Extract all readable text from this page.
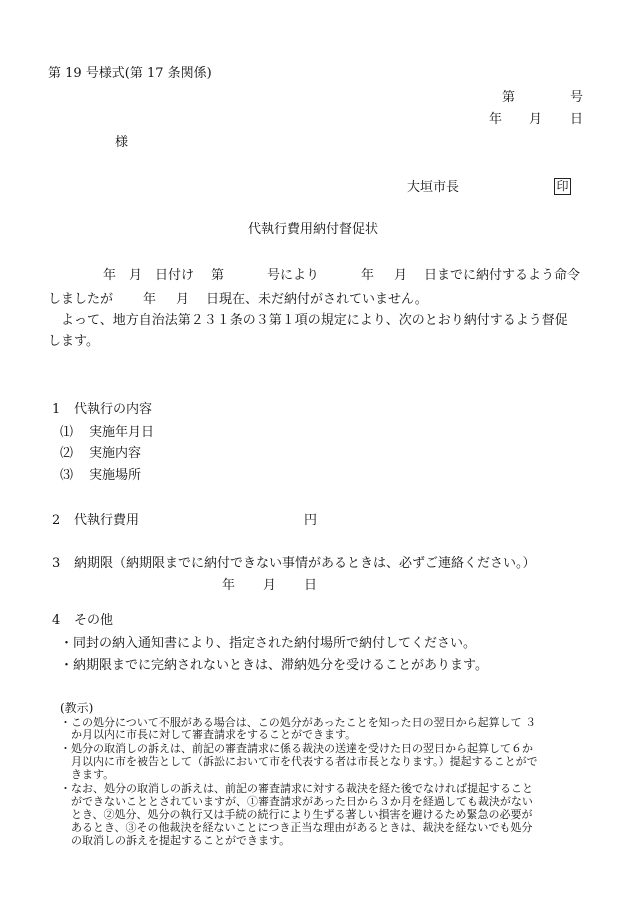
第 19 号様式(第 17 条関係)

第	号
年 月 日
様
大垣市長	印
代執行費用納付督促状
年 月 日付け 第	号により	年 月 日までに納付するよう命令
しましたが 年 月 日現在、未だ納付がされていません。
よって、地方自治法第２３１条の３第１項の規定により、次のとおり納付するよう督促
します。
1 代執行の内容
⑴ 実施年月日
⑵ 実施内容
⑶ 実施場所
2 代執行費用	円
3 納期限（納期限までに納付できない事情があるときは、必ずご連絡ください。）
年 月 日
4 その他
・同封の納入通知書により、指定された納付場所で納付してください。
・納期限までに完納されないときは、滞納処分を受けることがあります。
(教示)
・この処分について不服がある場合は、この処分があったことを知った日の翌日から起算して ３
か月以内に市長に対して審査請求をすることができます。
・処分の取消しの訴えは、前記の審査請求に係る裁決の送達を受けた日の翌日から起算して６か
月以内に市を被告として（訴訟において市を代表する者は市長となります。）提起することがで
きます。
・なお、処分の取消しの訴えは、前記の審査請求に対する裁決を経た後でなければ提起すること
ができないこととされていますが、①審査請求があった日から３か月を経過しても裁決がない
とき、②処分、処分の執行又は手続の続行により生ずる著しい損害を避けるため緊急の必要が
あるとき、③その他裁決を経ないことにつき正当な理由があるときは、裁決を経ないでも処分
の取消しの訴えを提起することができます。
